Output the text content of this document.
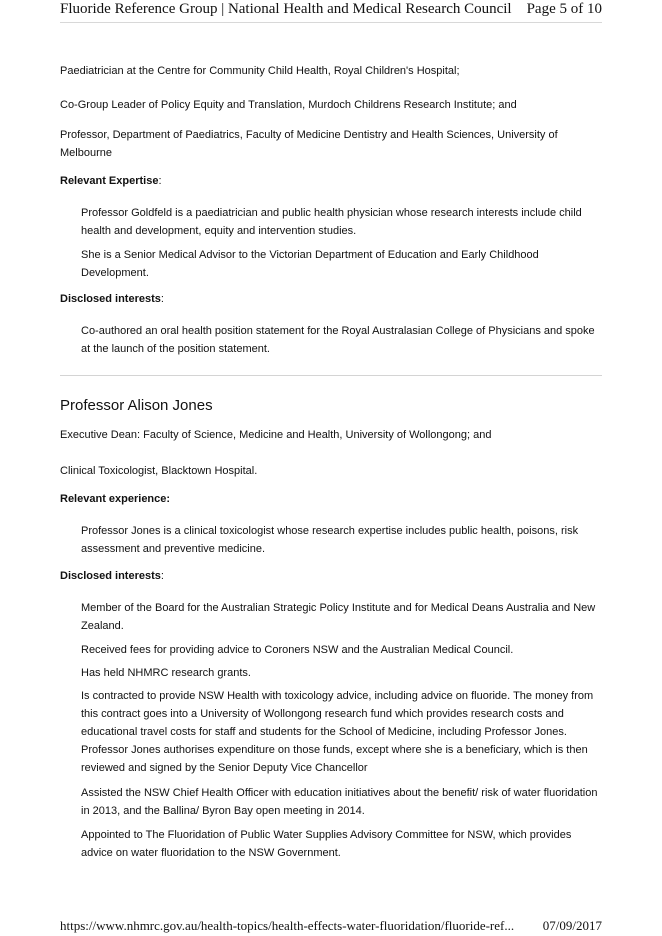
Fluoride Reference Group | National Health and Medical Research Council Page 5 of 10
Paediatrician at the Centre for Community Child Health, Royal Children's Hospital;
Co-Group Leader of Policy Equity and Translation, Murdoch Childrens Research Institute; and
Professor, Department of Paediatrics, Faculty of Medicine Dentistry and Health Sciences, University of
Melbourne
Relevant Expertise:
Professor Goldfeld is a paediatrician and public health physician whose research interests include child health and development, equity and intervention studies.
She is a Senior Medical Advisor to the Victorian Department of Education and Early Childhood Development.
Disclosed interests:
Co-authored an oral health position statement for the Royal Australasian College of Physicians and spoke at the launch of the position statement.
Professor Alison Jones
Executive Dean: Faculty of Science, Medicine and Health, University of Wollongong; and
Clinical Toxicologist, Blacktown Hospital.
Relevant experience:
Professor Jones is a clinical toxicologist whose research expertise includes public health, poisons, risk assessment and preventive medicine.
Disclosed interests:
Member of the Board for the Australian Strategic Policy Institute and for Medical Deans Australia and New Zealand.
Received fees for providing advice to Coroners NSW and the Australian Medical Council.
Has held NHMRC research grants.
Is contracted to provide NSW Health with toxicology advice, including advice on fluoride. The money from this contract goes into a University of Wollongong research fund which provides research costs and educational travel costs for staff and students for the School of Medicine, including Professor Jones. Professor Jones authorises expenditure on those funds, except where she is a beneficiary, which is then reviewed and signed by the Senior Deputy Vice Chancellor
Assisted the NSW Chief Health Officer with education initiatives about the benefit/ risk of water fluoridation in 2013, and the Ballina/ Byron Bay open meeting in 2014.
Appointed to The Fluoridation of Public Water Supplies Advisory Committee for NSW, which provides advice on water fluoridation to the NSW Government.
https://www.nhmrc.gov.au/health-topics/health-effects-water-fluoridation/fluoride-ref... 07/09/2017
